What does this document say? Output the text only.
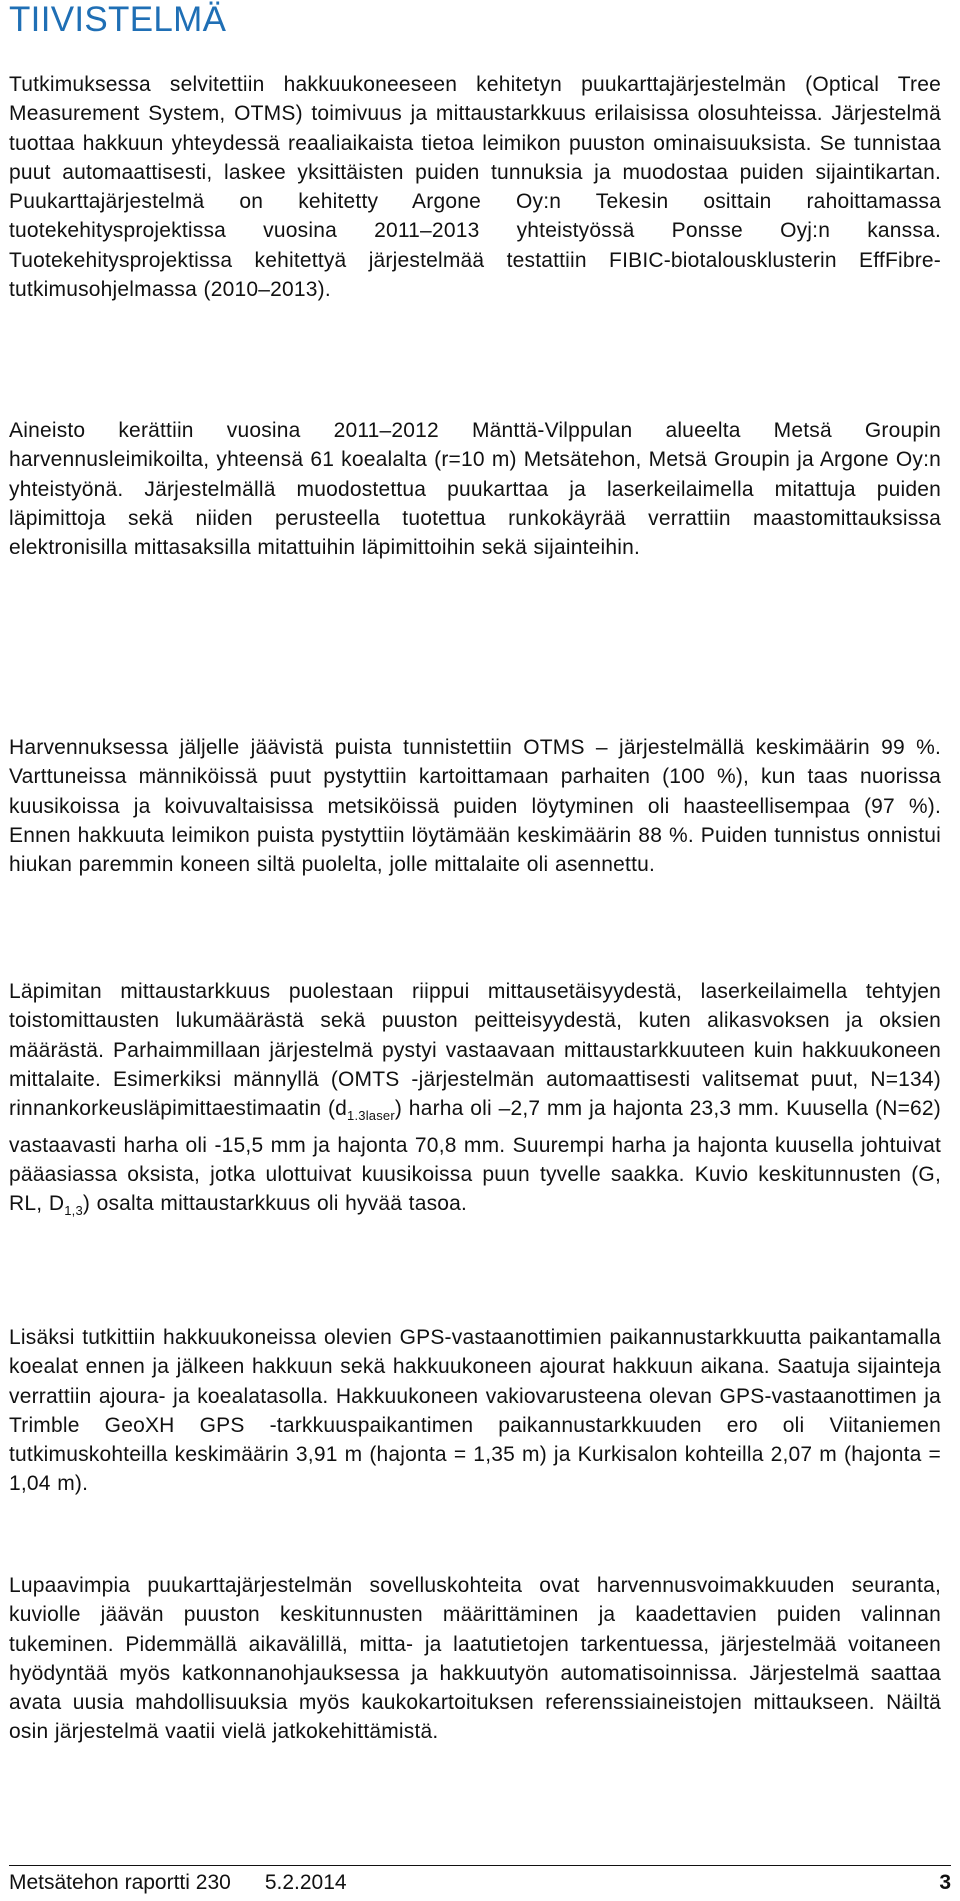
TIIVISTELMÄ

Tutkimuksessa selvitettiin hakkuukoneeseen kehitetyn puukarttajärjestelmän (Optical Tree Measurement System, OTMS) toimivuus ja mittaustarkkuus erilaisissa olosuhteissa. Järjestelmä tuottaa hakkuun yhteydessä reaaliaikaista tietoa leimikon puuston ominaisuuksista. Se tunnistaa puut automaattisesti, laskee yksittäisten puiden tunnuksia ja muodostaa puiden sijaintikartan. Puukarttajärjestelmä on kehitetty Argone Oy:n Tekesin osittain rahoittamassa tuotekehitysprojektissa vuosina 2011–2013 yhteistyössä Ponsse Oyj:n kanssa. Tuotekehitysprojektissa kehitettyä järjestelmää testattiin FIBIC-biotalousklusterin EffFibre-tutkimusohjelmassa (2010–2013).

Aineisto kerättiin vuosina 2011–2012 Mänttä-Vilppulan alueelta Metsä Groupin harvennusleimikoilta, yhteensä 61 koealalta (r=10 m) Metsätehon, Metsä Groupin ja Argone Oy:n yhteistyönä. Järjestelmällä muodostettua puukarttaa ja laserkeilaimella mitattuja puiden läpimittoja sekä niiden perusteella tuotettua runkokäyrää verrattiin maastomittauksissa elektronisilla mittasaksilla mitattuihin läpimittoihin sekä sijainteihin.

Harvennuksessa jäljelle jäävistä puista tunnistettiin OTMS – järjestelmällä keskimäärin 99 %. Varttuneissa männiköissä puut pystyttiin kartoittamaan parhaiten (100 %), kun taas nuorissa kuusikoissa ja koivuvaltaisissa metsiköissä puiden löytyminen oli haasteellisempaa (97 %). Ennen hakkuuta leimikon puista pystyttiin löytämään keskimäärin 88 %. Puiden tunnistus onnistui hiukan paremmin koneen siltä puolelta, jolle mittalaite oli asennettu.

Läpimitan mittaustarkkuus puolestaan riippui mittausetäisyydestä, laserkeilaimella tehtyjen toistomittausten lukumäärästä sekä puuston peitteisyydestä, kuten alikasvoksen ja oksien määrästä. Parhaimmillaan järjestelmä pystyi vastaavaan mittaustarkkuuteen kuin hakkuukoneen mittalaite. Esimerkiksi männyllä (OMTS -järjestelmän automaattisesti valitsemat puut, N=134) rinnankorkeusläpimittaestimaatin $(d_{1.3laser})$ harha oli –2,7 mm ja hajonta 23,3 mm. Kuusella (N=62) vastaavasti harha oli -15,5 mm ja hajonta 70,8 mm. Suurempi harha ja hajonta kuusella johtuivat pääasiassa oksista, jotka ulottuivat kuusikoissa puun tyvelle saakka. Kuvio keskitunnusten (G, RL, $D_{1,3}$) osalta mittaustarkkuus oli hyvää tasoa.

Lisäksi tutkittiin hakkuukoneissa olevien GPS-vastaanottimien paikannustarkkuutta paikantamalla koealat ennen ja jälkeen hakkuun sekä hakkuukoneen ajourat hakkuun aikana. Saatuja sijainteja verrattiin ajoura- ja koealatasolla. Hakkuukoneen vakiovarusteena olevan GPS-vastaanottimen ja Trimble GeoXH GPS -tarkkuuspaikantimen paikannustarkkuuden ero oli Viitaniemen tutkimuskohteilla keskimäärin 3,91 m (hajonta = 1,35 m) ja Kurkisalon kohteilla 2,07 m (hajonta = 1,04 m).

Lupaavimpia puukarttajärjestelmän sovelluskohteita ovat harvennusvoimakkuuden seuranta, kuviolle jäävän puuston keskitunnusten määrittäminen ja kaadettavien puiden valinnan tukeminen. Pidemmällä aikavälillä, mitta- ja laatutietojen tarkentuessa, järjestelmää voitaneen hyödyntää myös katkonnanohjauksessa ja hakkuutyön automatisoinnissa. Järjestelmä saattaa avata uusia mahdollisuuksia myös kaukokartoituksen referenssiaineistojen mittaukseen. Näiltä osin järjestelmä vaatii vielä jatkokehittämistä.

Metsätehon raportti 230 5.2.2014	3
